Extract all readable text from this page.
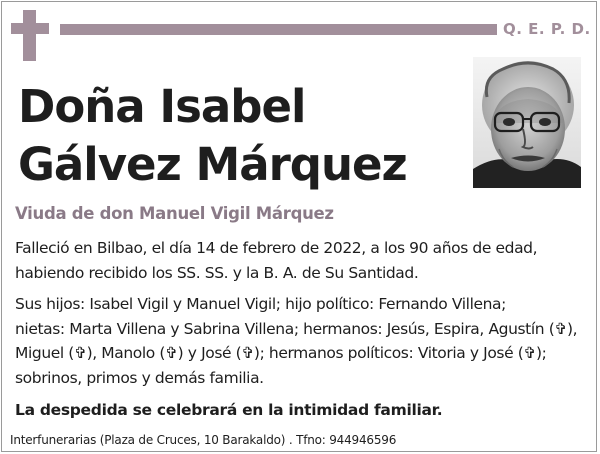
Q. E. P. D.
Doña Isabel
Gálvez Márquez
Viuda de don Manuel Vigil Márquez

Falleció en Bilbao, el día 14 de febrero de 2022, a los 90 años de edad, habiendo recibido los SS. SS. y la B. A. de Su Santidad.

Sus hijos: Isabel Vigil y Manuel Vigil; hijo político: Fernando Villena;
nietas: Marta Villena y Sabrina Villena; hermanos: Jesús, Espira, Agustín (✞),
Miguel (✞), Manolo (✞) y José (✞); hermanos políticos: Vitoria y José (✞);
sobrinos, primos y demás familia.

La despedida se celebrará en la intimidad familiar.

Interfunerarias (Plaza de Cruces, 10 Barakaldo) . Tfno: 944946596
